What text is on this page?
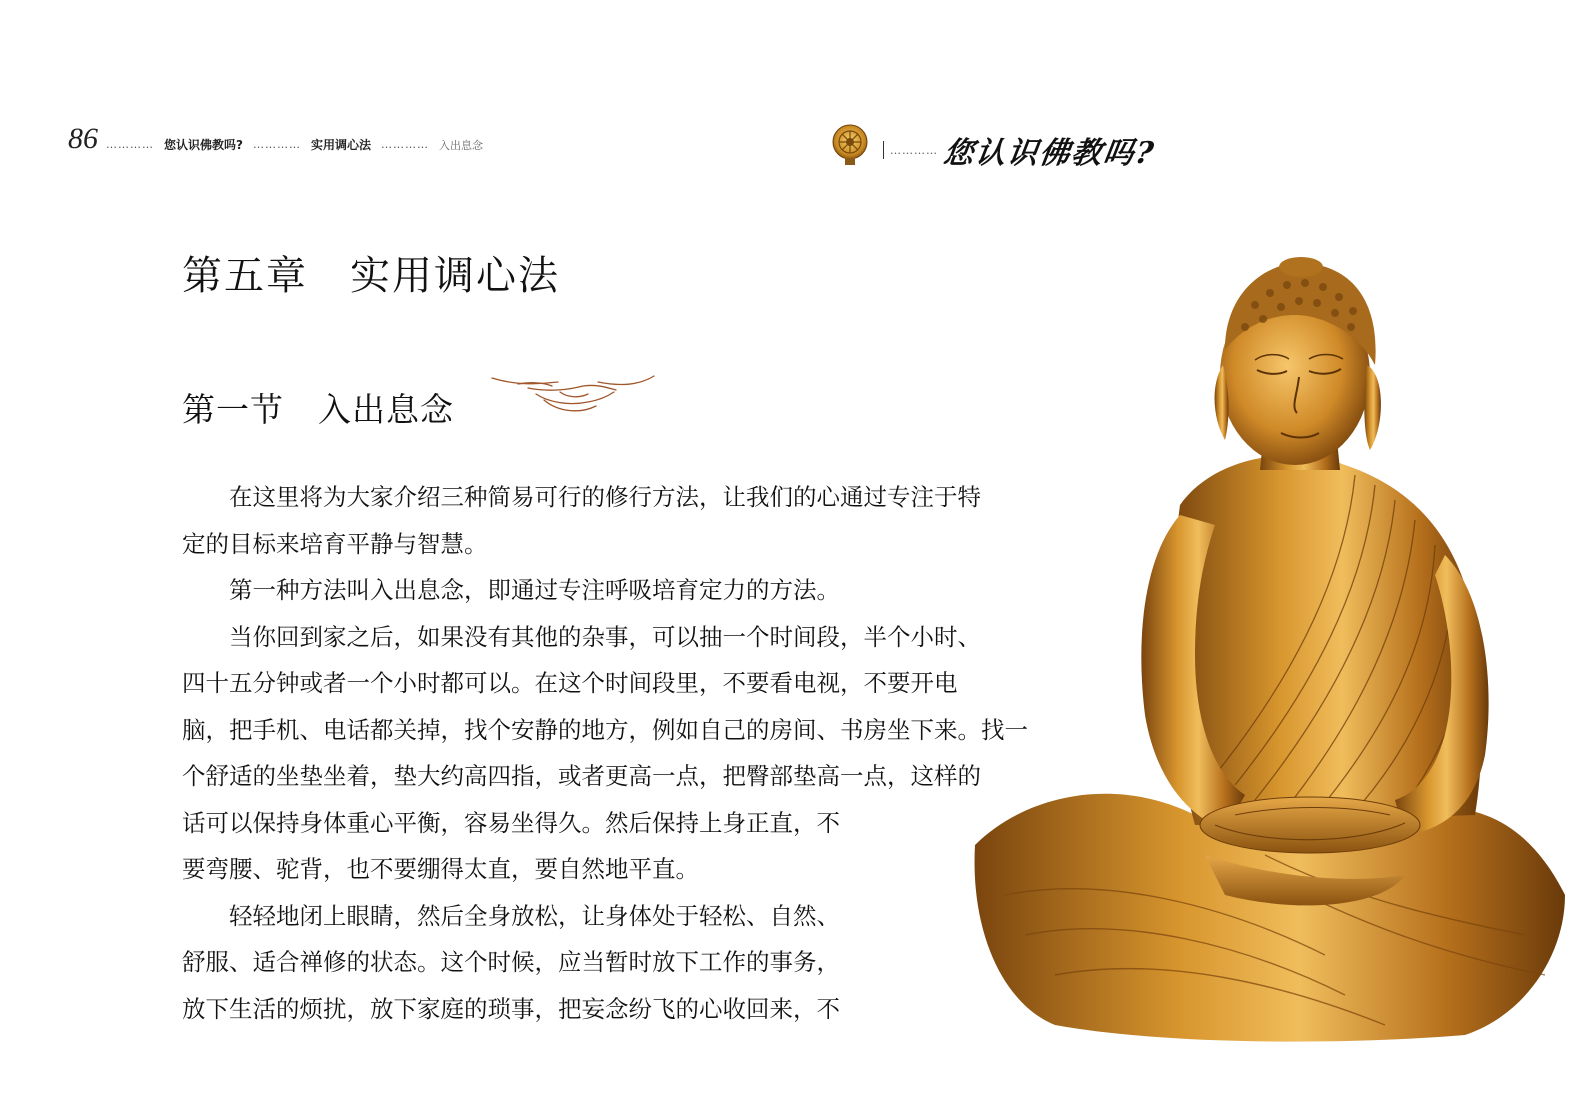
86 ………… 您认识佛教吗? ………… 实用调心法 ………… 入出息念	………… 您认识佛教吗?
第五章　实用调心法
第一节　入出息念

在这里将为大家介绍三种简易可行的修行方法，让我们的心通过专注于特

定的目标来培育平静与智慧。

第一种方法叫入出息念，即通过专注呼吸培育定力的方法。

当你回到家之后，如果没有其他的杂事，可以抽一个时间段，半个小时、

四十五分钟或者一个小时都可以。在这个时间段里，不要看电视，不要开电
脑，把手机、电话都关掉，找个安静的地方，例如自己的房间、书房坐下来。找一
个舒适的坐垫坐着，垫大约高四指，或者更高一点，把臀部垫高一点，这样的
话可以保持身体重心平衡，容易坐得久。然后保持上身正直，不
要弯腰、驼背，也不要绷得太直，要自然地平直。

轻轻地闭上眼睛，然后全身放松，让身体处于轻松、自然、

舒服、适合禅修的状态。这个时候，应当暂时放下工作的事务，
放下生活的烦扰，放下家庭的琐事，把妄念纷飞的心收回来，不
